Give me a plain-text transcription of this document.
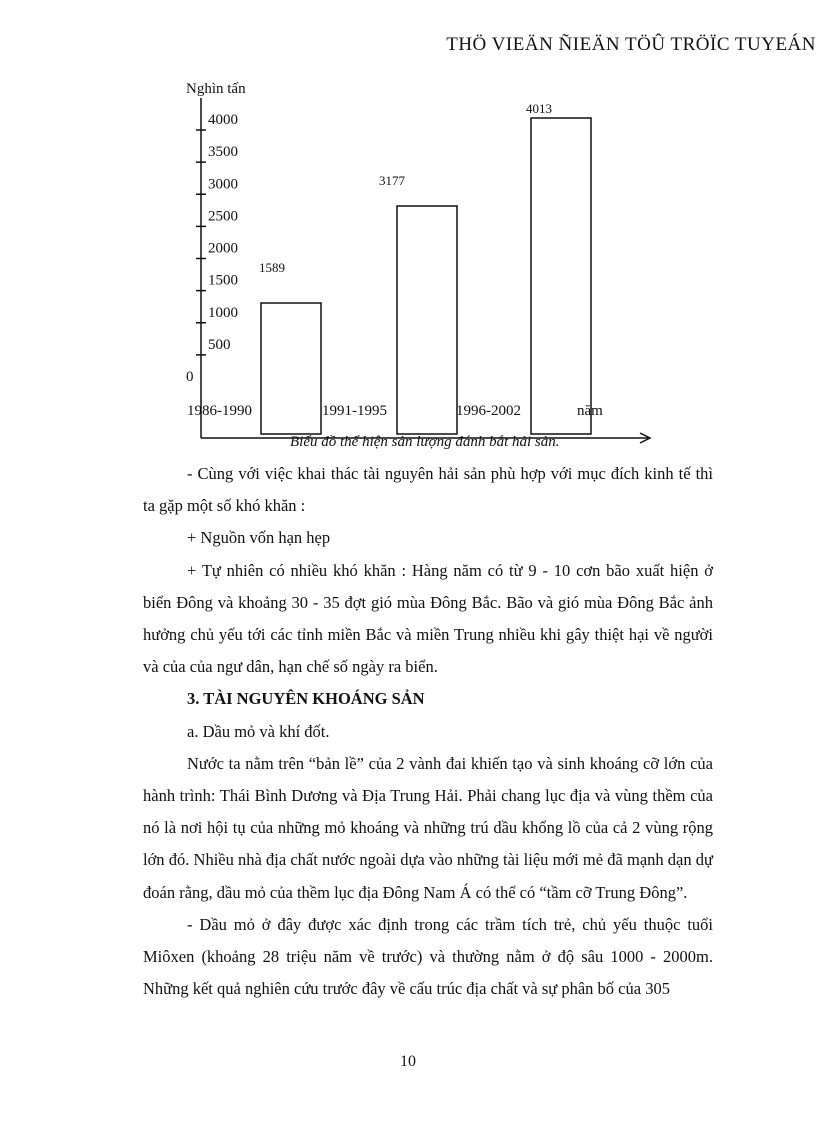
THÖ VIEÄN ÑIEÄN TÖÛ TRÖÏC TUYEÁN
Nghìn tấn
0
500
1000
1500
2000
2500
3000
3500
4000
1589
3177
4013
1986-1990	1991-1995	1996-2002	năm
Biểu đồ thể hiện sản lượng đánh bắt hải sản.

- Cùng với việc khai thác tài nguyên hải sản phù hợp với mục đích kinh tế thì ta gặp một số khó khăn :

+ Nguồn vốn hạn hẹp

+ Tự nhiên có nhiều khó khăn : Hàng năm có từ 9 - 10 cơn bão xuất hiện ở biển Đông và khoảng 30 - 35 đợt gió mùa Đông Bắc. Bão và gió mùa Đông Bắc ảnh hưởng chủ yếu tới các tỉnh miền Bắc và miền Trung nhiều khi gây thiệt hại về người và của của ngư dân, hạn chế số ngày ra biển.

3. TÀI NGUYÊN KHOÁNG SẢN

a. Dầu mỏ và khí đốt.

Nước ta nằm trên “bản lề” của 2 vành đai khiến tạo và sinh khoáng cỡ lớn của hành trình: Thái Bình Dương và Địa Trung Hải. Phải chang lục địa và vùng thềm của nó là nơi hội tụ của những mỏ khoáng và những trú dầu khổng lồ của cả 2 vùng rộng lớn đó. Nhiều nhà địa chất nước ngoài dựa vào những tài liệu mới mẻ đã mạnh dạn dự đoán rằng, dầu mỏ của thềm lục địa Đông Nam Á có thể có “tầm cỡ Trung Đông”.

- Dầu mỏ ở đây được xác định trong các trầm tích trẻ, chủ yếu thuộc tuổi Miôxen (khoảng 28 triệu năm về trước) và thường nằm ở độ sâu 1000 - 2000m. Những kết quả nghiên cứu trước đây về cấu trúc địa chất và sự phân bố của 305

10
